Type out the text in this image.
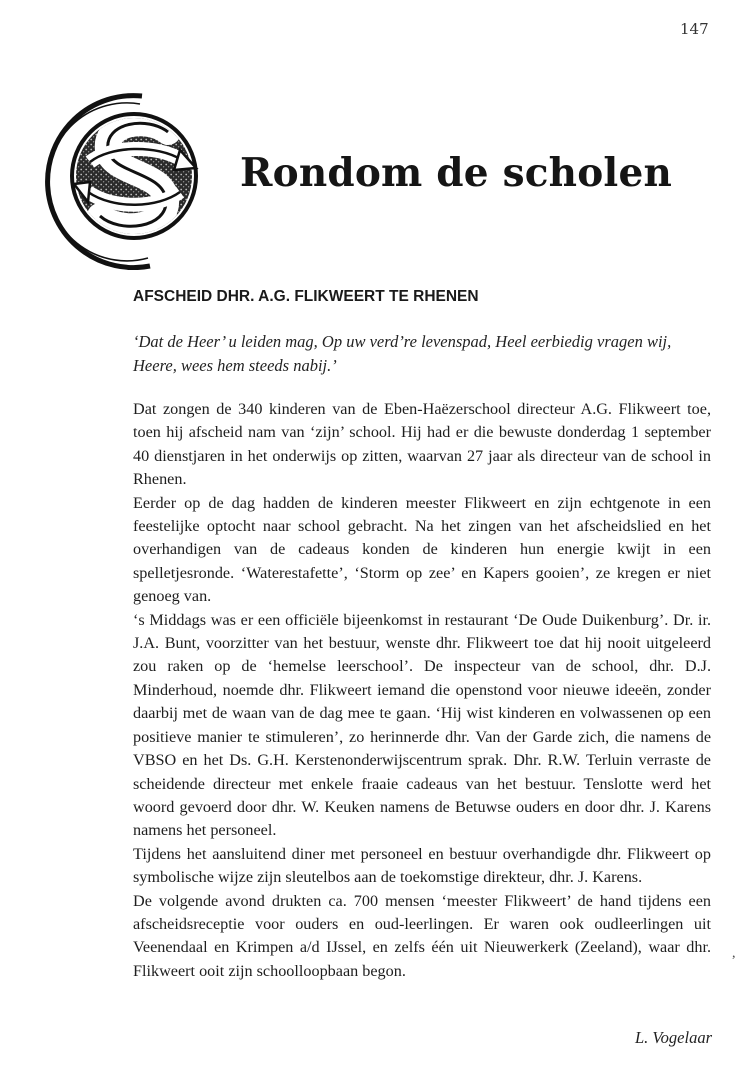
147
Rondom de scholen
AFSCHEID DHR. A.G. FLIKWEERT TE RHENEN

‘Dat de Heer’ u leiden mag, Op uw verd’re levenspad, Heel eerbiedig vragen wij, Heere, wees hem steeds nabij.’

Dat zongen de 340 kinderen van de Eben-Haëzerschool directeur A.G. Flikweert toe, toen hij afscheid nam van ‘zijn’ school. Hij had er die bewuste donderdag 1 september 40 dienstjaren in het onderwijs op zitten, waarvan 27 jaar als directeur van de school in Rhenen.

Eerder op de dag hadden de kinderen meester Flikweert en zijn echtgenote in een feestelijke optocht naar school gebracht. Na het zingen van het afscheidslied en het overhandigen van de cadeaus konden de kinderen hun energie kwijt in een spelletjesronde. ‘Waterestafette’, ‘Storm op zee’ en Kapers gooien’, ze kregen er niet genoeg van.

‘s Middags was er een officiële bijeenkomst in restaurant ‘De Oude Duikenburg’. Dr. ir. J.A. Bunt, voorzitter van het bestuur, wenste dhr. Flikweert toe dat hij nooit uitgeleerd zou raken op de ‘hemelse leerschool’. De inspecteur van de school, dhr. D.J. Minderhoud, noemde dhr. Flikweert iemand die openstond voor nieuwe ideeën, zonder daarbij met de waan van de dag mee te gaan. ‘Hij wist kinderen en volwassenen op een positieve manier te stimuleren’, zo herinnerde dhr. Van der Garde zich, die namens de VBSO en het Ds. G.H. Kerstenonderwijscentrum sprak. Dhr. R.W. Terluin verraste de scheidende directeur met enkele fraaie cadeaus van het bestuur. Tenslotte werd het woord gevoerd door dhr. W. Keuken namens de Betuwse ouders en door dhr. J. Karens namens het personeel.

Tijdens het aansluitend diner met personeel en bestuur overhandigde dhr. Flikweert op symbolische wijze zijn sleutelbos aan de toekomstige direkteur, dhr. J. Karens.

De volgende avond drukten ca. 700 mensen ‘meester Flikweert’ de hand tijdens een afscheidsreceptie voor ouders en oud-leerlingen. Er waren ook oudleerlingen uit Veenendaal en Krimpen a/d IJssel, en zelfs één uit Nieuwerkerk (Zeeland), waar dhr. Flikweert ooit zijn schoolloopbaan begon.

L. Vogelaar

,
